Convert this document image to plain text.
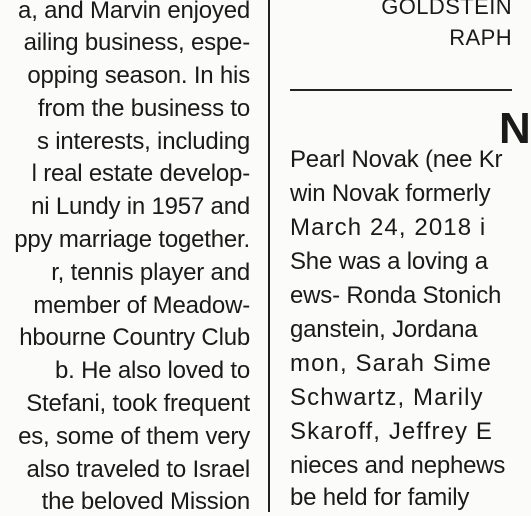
a, and Marvin enjoyed
ailing business, espe-
opping season. In his
from the business to
s interests, including
l real estate develop-
ni Lundy in 1957 and
ppy marriage together.
r, tennis player and
member of Meadow-
hbourne Country Club
b. He also loved to
Stefani, took frequent
es, some of them very
also traveled to Israel
the beloved Mission
GOLDSTEIN
RAPH
Pearl Novak (nee Kr
win Novak formerly
March 24, 2018 i
She was a loving a
ews- Ronda Stonich
ganstein, Jordana
mon, Sarah Sime
Schwartz, Marily
Skaroff, Jeffrey E
nieces and nephews
be held for family
N
